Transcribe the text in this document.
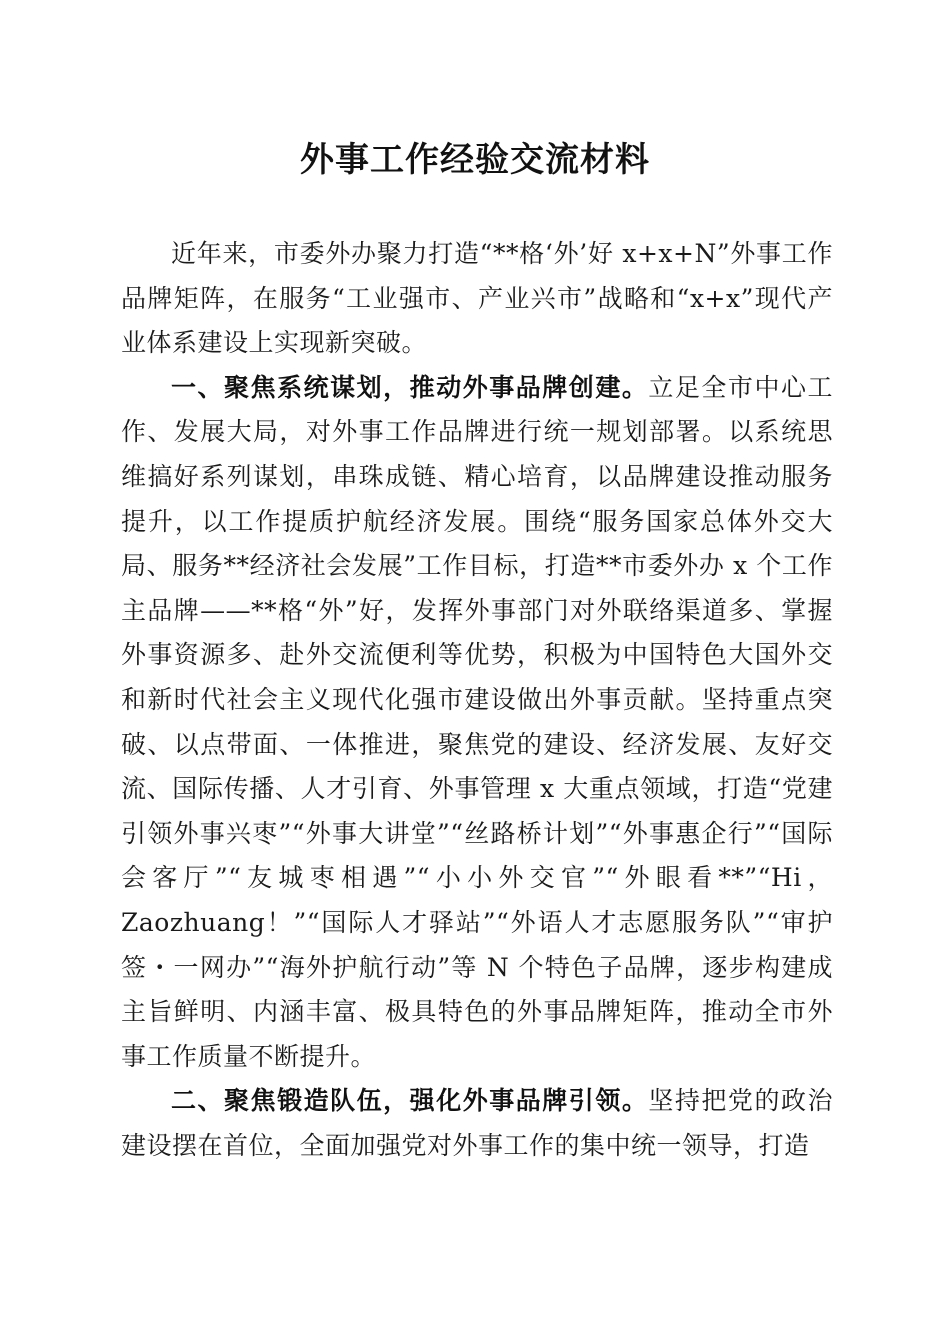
外事工作经验交流材料

近年来，市委外办聚力打造“**格‘外’好 x+x+N”外事工作品牌矩阵，在服务“工业强市、产业兴市”战略和“x+x”现代产业体系建设上实现新突破。

一、聚焦系统谋划，推动外事品牌创建。立足全市中心工作、发展大局，对外事工作品牌进行统一规划部署。以系统思维搞好系列谋划，串珠成链、精心培育，以品牌建设推动服务提升，以工作提质护航经济发展。围绕“服务国家总体外交大局、服务**经济社会发展”工作目标，打造**市委外办 x 个工作主品牌——**格“外”好，发挥外事部门对外联络渠道多、掌握外事资源多、赴外交流便利等优势，积极为中国特色大国外交和新时代社会主义现代化强市建设做出外事贡献。坚持重点突破、以点带面、一体推进，聚焦党的建设、经济发展、友好交流、国际传播、人才引育、外事管理 x 大重点领域，打造“党建引领外事兴枣”“外事大讲堂”“丝路桥计划”“外事惠企行”“国际会客厅”“友城枣相遇”“小小外交官”“外眼看**”“Hi，Zaozhuang！”“国际人才驿站”“外语人才志愿服务队”“审护签・一网办”“海外护航行动”等 N 个特色子品牌，逐步构建成主旨鲜明、内涵丰富、极具特色的外事品牌矩阵，推动全市外事工作质量不断提升。

二、聚焦锻造队伍，强化外事品牌引领。坚持把党的政治建设摆在首位，全面加强党对外事工作的集中统一领导，打造
